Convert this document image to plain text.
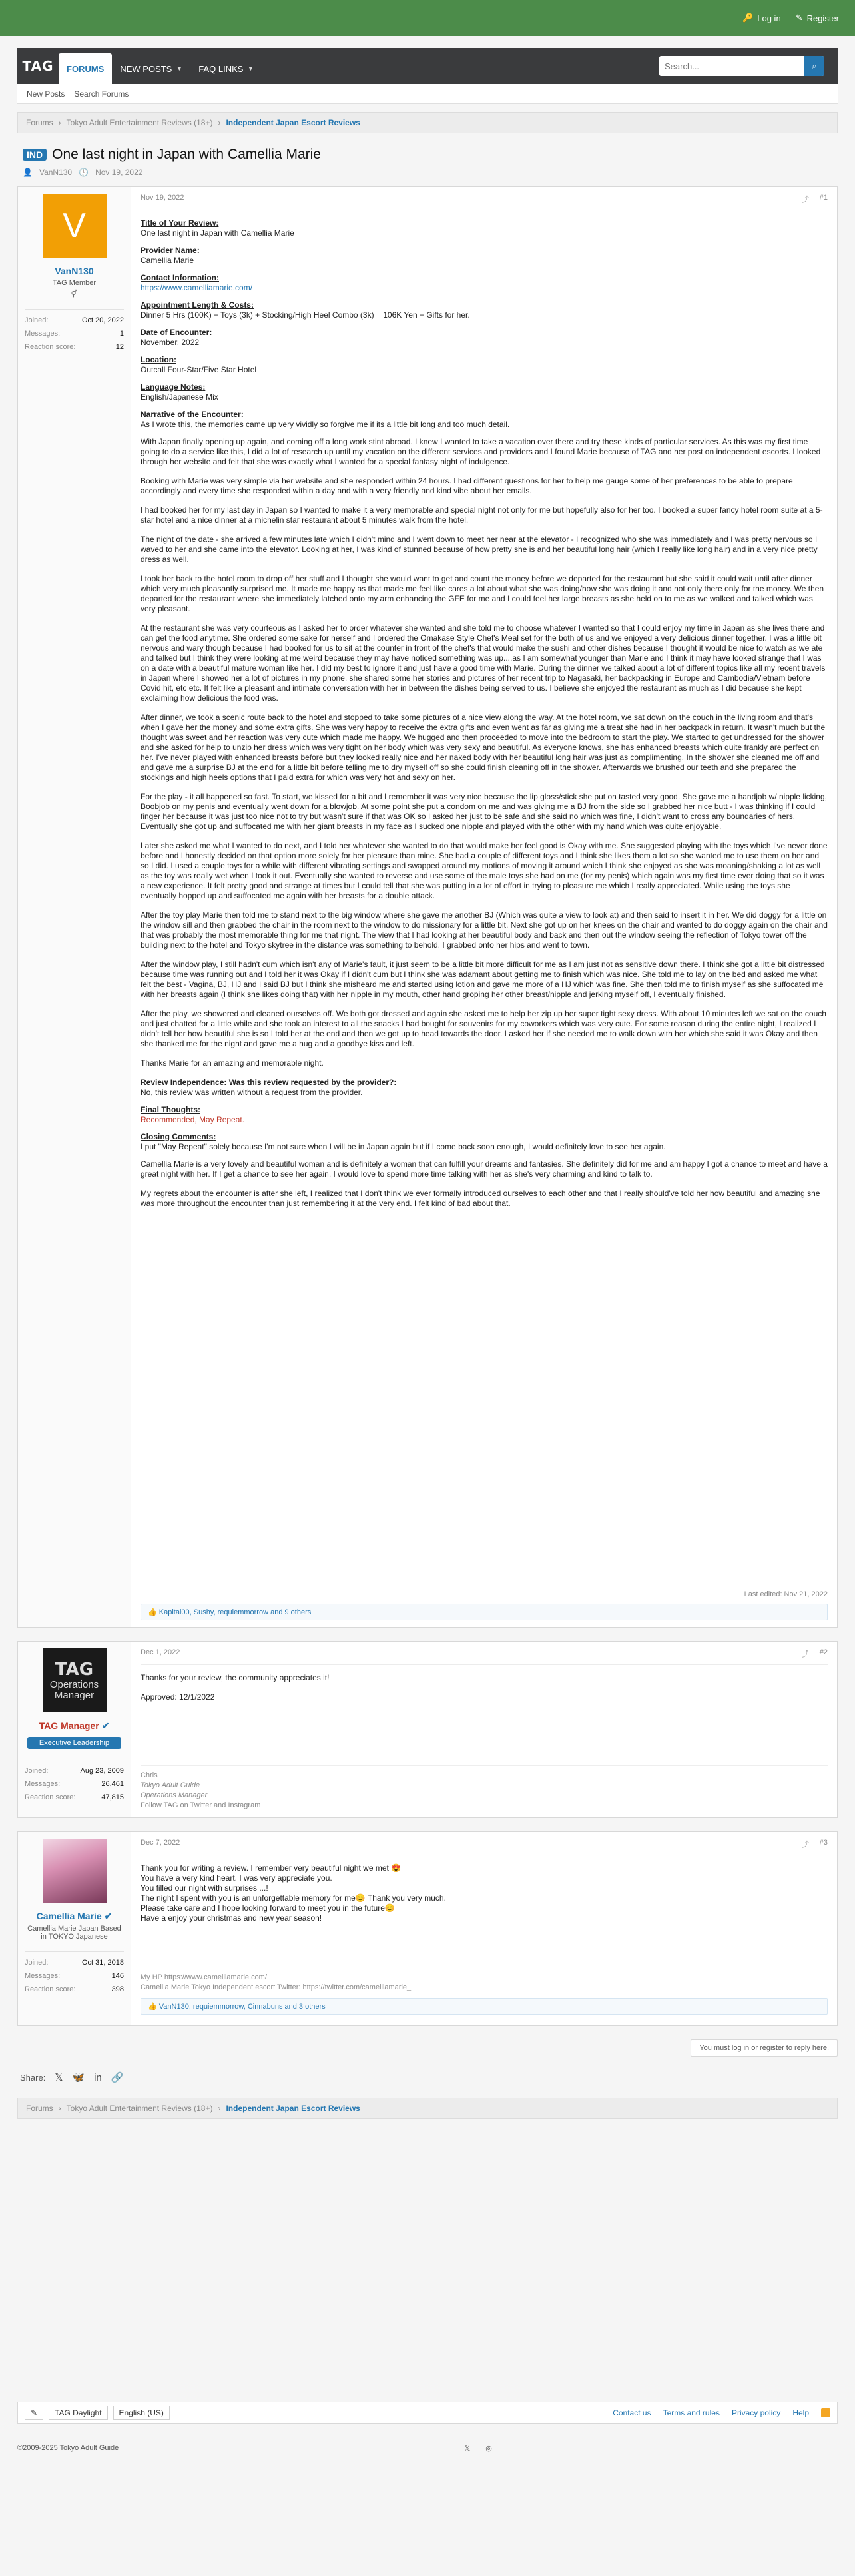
🔑 Log in ✎ Register
TAG FORUMS NEW POSTS ▼ FAQ LINKS ▼
Search...	⌕
New Posts Search Forums
Forums › Tokyo Adult Entertainment Reviews (18+) › Independent Japan Escort Reviews
IND One last night in Japan with Camellia Marie
👤 VanN130 🕒 Nov 19, 2022
V
VanN130
TAG Member
⚥
Joined:	Oct 20, 2022
Messages:	1
Reaction score:	12
Nov 19, 2022	⤴ #1
Title of Your Review:
One last night in Japan with Camellia Marie
Provider Name:
Camellia Marie
Contact Information:
https://www.camelliamarie.com/
Appointment Length & Costs:
Dinner 5 Hrs (100K) + Toys (3k) + Stocking/High Heel Combo (3k) = 106K Yen + Gifts for her.
Date of Encounter:
November, 2022
Location:
Outcall Four-Star/Five Star Hotel
Language Notes:
English/Japanese Mix
Narrative of the Encounter:
As I wrote this, the memories came up very vividly so forgive me if its a little bit long and too much detail.

With Japan finally opening up again, and coming off a long work stint abroad. I knew I wanted to take a vacation over there and try these kinds of particular services. As this was my first time going to do a service like this, I did a lot of research up until my vacation on the different services and providers and I found Marie because of TAG and her post on independent escorts. I looked through her website and felt that she was exactly what I wanted for a special fantasy night of indulgence.

Booking with Marie was very simple via her website and she responded within 24 hours. I had different questions for her to help me gauge some of her preferences to be able to prepare accordingly and every time she responded within a day and with a very friendly and kind vibe about her emails.

I had booked her for my last day in Japan so I wanted to make it a very memorable and special night not only for me but hopefully also for her too. I booked a super fancy hotel room suite at a 5-star hotel and a nice dinner at a michelin star restaurant about 5 minutes walk from the hotel.

The night of the date - she arrived a few minutes late which I didn't mind and I went down to meet her near at the elevator - I recognized who she was immediately and I was pretty nervous so I waved to her and she came into the elevator. Looking at her, I was kind of stunned because of how pretty she is and her beautiful long hair (which I really like long hair) and in a very nice pretty dress as well.

I took her back to the hotel room to drop off her stuff and I thought she would want to get and count the money before we departed for the restaurant but she said it could wait until after dinner which very much pleasantly surprised me. It made me happy as that made me feel like cares a lot about what she was doing/how she was doing it and not only there only for the money. We then departed for the restaurant where she immediately latched onto my arm enhancing the GFE for me and I could feel her large breasts as she held on to me as we walked and talked which was very pleasant.

At the restaurant she was very courteous as I asked her to order whatever she wanted and she told me to choose whatever I wanted so that I could enjoy my time in Japan as she lives there and can get the food anytime. She ordered some sake for herself and I ordered the Omakase Style Chef's Meal set for the both of us and we enjoyed a very delicious dinner together. I was a little bit nervous and wary though because I had booked for us to sit at the counter in front of the chef's that would make the sushi and other dishes because I thought it would be nice to watch as we ate and talked but I think they were looking at me weird because they may have noticed something was up....as I am somewhat younger than Marie and I think it may have looked strange that I was on a date with a beautiful mature woman like her. I did my best to ignore it and just have a good time with Marie. During the dinner we talked about a lot of different topics like all my recent travels in Japan where I showed her a lot of pictures in my phone, she shared some her stories and pictures of her recent trip to Nagasaki, her backpacking in Europe and Cambodia/Vietnam before Covid hit, etc etc. It felt like a pleasant and intimate conversation with her in between the dishes being served to us. I believe she enjoyed the restaurant as much as I did because she kept exclaiming how delicious the food was.

After dinner, we took a scenic route back to the hotel and stopped to take some pictures of a nice view along the way. At the hotel room, we sat down on the couch in the living room and that's when I gave her the money and some extra gifts. She was very happy to receive the extra gifts and even went as far as giving me a treat she had in her backpack in return. It wasn't much but the thought was sweet and her reaction was very cute which made me happy. We hugged and then proceeded to move into the bedroom to start the play. We started to get undressed for the shower and she asked for help to unzip her dress which was very tight on her body which was very sexy and beautiful. As everyone knows, she has enhanced breasts which quite frankly are perfect on her. I've never played with enhanced breasts before but they looked really nice and her naked body with her beautiful long hair was just as complimenting. In the shower she cleaned me off and and gave me a surprise BJ at the end for a little bit before telling me to dry myself off so she could finish cleaning off in the shower. Afterwards we brushed our teeth and she prepared the stockings and high heels options that I paid extra for which was very hot and sexy on her.

For the play - it all happened so fast. To start, we kissed for a bit and I remember it was very nice because the lip gloss/stick she put on tasted very good. She gave me a handjob w/ nipple licking, Boobjob on my penis and eventually went down for a blowjob. At some point she put a condom on me and was giving me a BJ from the side so I grabbed her nice butt - I was thinking if I could finger her because it was just too nice not to try but wasn't sure if that was OK so I asked her just to be safe and she said no which was fine, I didn't want to cross any boundaries of hers. Eventually she got up and suffocated me with her giant breasts in my face as I sucked one nipple and played with the other with my hand which was quite enjoyable.

Later she asked me what I wanted to do next, and I told her whatever she wanted to do that would make her feel good is Okay with me. She suggested playing with the toys which I've never done before and I honestly decided on that option more solely for her pleasure than mine. She had a couple of different toys and I think she likes them a lot so she wanted me to use them on her and so I did. I used a couple toys for a while with different vibrating settings and swapped around my motions of moving it around which I think she enjoyed as she was moaning/shaking a lot as well as the toy was really wet when I took it out. Eventually she wanted to reverse and use some of the male toys she had on me (for my penis) which again was my first time ever doing that so it was a new experience. It felt pretty good and strange at times but I could tell that she was putting in a lot of effort in trying to pleasure me which I really appreciated. While using the toys she eventually hopped up and suffocated me again with her breasts for a double attack.

After the toy play Marie then told me to stand next to the big window where she gave me another BJ (Which was quite a view to look at) and then said to insert it in her. We did doggy for a little on the window sill and then grabbed the chair in the room next to the window to do missionary for a little bit. Next she got up on her knees on the chair and wanted to do doggy again on the chair and that was probably the most memorable thing for me that night. The view that I had looking at her beautiful body and back and then out the window seeing the reflection of Tokyo tower off the building next to the hotel and Tokyo skytree in the distance was something to behold. I grabbed onto her hips and went to town.

After the window play, I still hadn't cum which isn't any of Marie's fault, it just seem to be a little bit more difficult for me as I am just not as sensitive down there. I think she got a little bit distressed because time was running out and I told her it was Okay if I didn't cum but I think she was adamant about getting me to finish which was nice. She told me to lay on the bed and asked me what felt the best - Vagina, BJ, HJ and I said BJ but I think she misheard me and started using lotion and gave me more of a HJ which was fine. She then told me to finish myself as she suffocated me with her breasts again (I think she likes doing that) with her nipple in my mouth, other hand groping her other breast/nipple and jerking myself off, I eventually finished.

After the play, we showered and cleaned ourselves off. We both got dressed and again she asked me to help her zip up her super tight sexy dress. With about 10 minutes left we sat on the couch and just chatted for a little while and she took an interest to all the snacks I had bought for souvenirs for my coworkers which was very cute. For some reason during the entire night, I realized I didn't tell her how beautiful she is so I told her at the end and then we got up to head towards the door. I asked her if she needed me to walk down with her which she said it was Okay and then she thanked me for the night and gave me a hug and a goodbye kiss and left.

Thanks Marie for an amazing and memorable night.

Review Independence: Was this review requested by the provider?:
No, this review was written without a request from the provider.
Final Thoughts:
Recommended, May Repeat.
Closing Comments:
I put "May Repeat" solely because I'm not sure when I will be in Japan again but if I come back soon enough, I would definitely love to see her again.

Camellia Marie is a very lovely and beautiful woman and is definitely a woman that can fulfill your dreams and fantasies. She definitely did for me and am happy I got a chance to meet and have a great night with her. If I get a chance to see her again, I would love to spend more time talking with her as she's very charming and kind to talk to.

My regrets about the encounter is after she left, I realized that I don't think we ever formally introduced ourselves to each other and that I really should've told her how beautiful and amazing she was more throughout the encounter than just remembering it at the very end. I felt kind of bad about that.

Last edited: Nov 21, 2022
👍 Kapital00, Sushy, requiemmorrow and 9 others
TAG
Operations Manager
TAG Manager ✔
Executive Leadership
Joined:	Aug 23, 2009
Messages:	26,461
Reaction score:	47,815
Dec 1, 2022	⤴ #2

Thanks for your review, the community appreciates it!

Approved: 12/1/2022

Chris
Tokyo Adult Guide
Operations Manager
Follow TAG on Twitter and Instagram
Camellia Marie ✔
Camellia Marie Japan Based in TOKYO Japanese
Joined:	Oct 31, 2018
Messages:	146
Reaction score:	398
Dec 7, 2022	⤴ #3
Thank you for writing a review. I remember very beautiful night we met 😍
You have a very kind heart. I was very appreciate you.
You filled our night with surprises ...!
The night I spent with you is an unforgettable memory for me😊 Thank you very much.
Please take care and I hope looking forward to meet you in the future😊
Have a enjoy your christmas and new year season!
My HP https://www.camelliamarie.com/
Camellia Marie Tokyo Independent escort Twitter: https://twitter.com/camelliamarie_
👍 VanN130, requiemmorrow, Cinnabuns and 3 others
You must log in or register to reply here.
Share: 𝕏 🦋 in 🔗
Forums › Tokyo Adult Entertainment Reviews (18+) › Independent Japan Escort Reviews
✎	TAG Daylight	English (US)	Contact us Terms and rules Privacy policy Help
©2009-2025 Tokyo Adult Guide	𝕏 ◎
